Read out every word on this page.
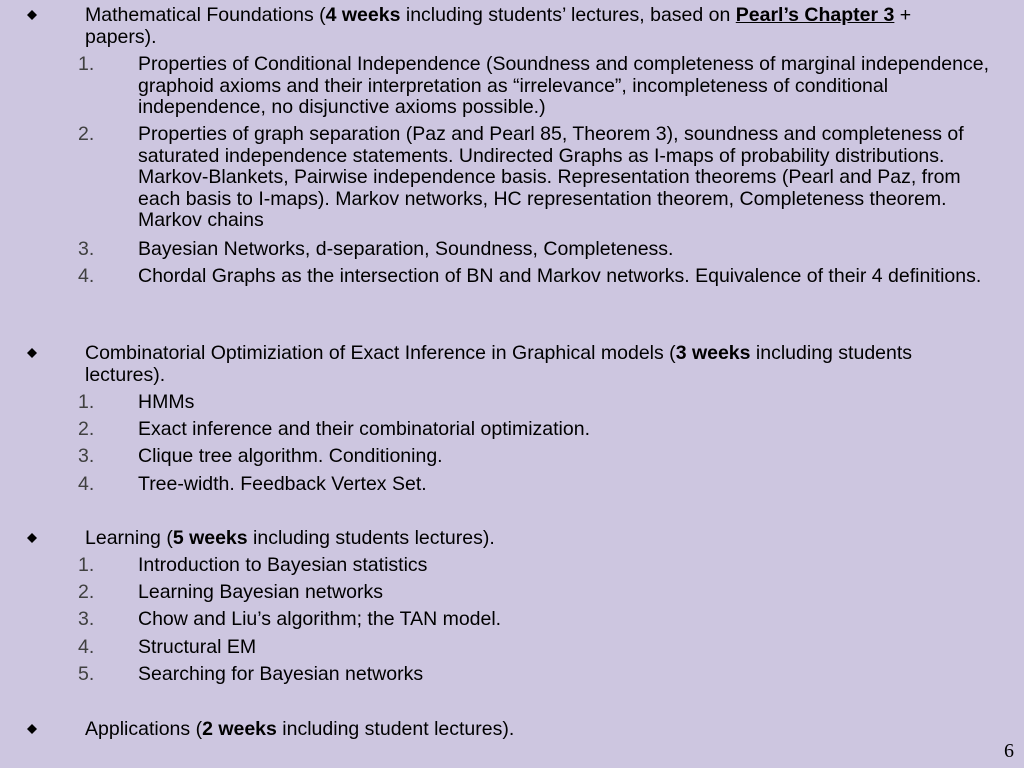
Mathematical Foundations (4 weeks including students’ lectures, based on Pearl’s Chapter 3 + papers).
1.	Properties of Conditional Independence (Soundness and completeness of marginal independence, graphoid axioms and their interpretation as “irrelevance”, incompleteness of conditional independence, no disjunctive axioms possible.)
2.	Properties of graph separation (Paz and Pearl 85, Theorem 3), soundness and completeness of saturated independence statements. Undirected Graphs as I-maps of probability distributions. Markov-Blankets, Pairwise independence basis. Representation theorems (Pearl and Paz, from each basis to I-maps). Markov networks, HC representation theorem, Completeness theorem. Markov chains
3.	Bayesian Networks, d-separation, Soundness, Completeness.
4.	Chordal Graphs as the intersection of BN and Markov networks. Equivalence of their 4 definitions.
Combinatorial Optimiziation of Exact Inference in Graphical models (3 weeks including students lectures).
1.	HMMs
2.	Exact inference and their combinatorial optimization.
3.	Clique tree algorithm. Conditioning.
4.	Tree-width. Feedback Vertex Set.
Learning (5 weeks including students lectures).
1.	Introduction to Bayesian statistics
2.	Learning Bayesian networks
3.	Chow and Liu’s algorithm; the TAN model.
4.	Structural EM
5.	Searching for Bayesian networks
Applications (2 weeks including student lectures).
6
